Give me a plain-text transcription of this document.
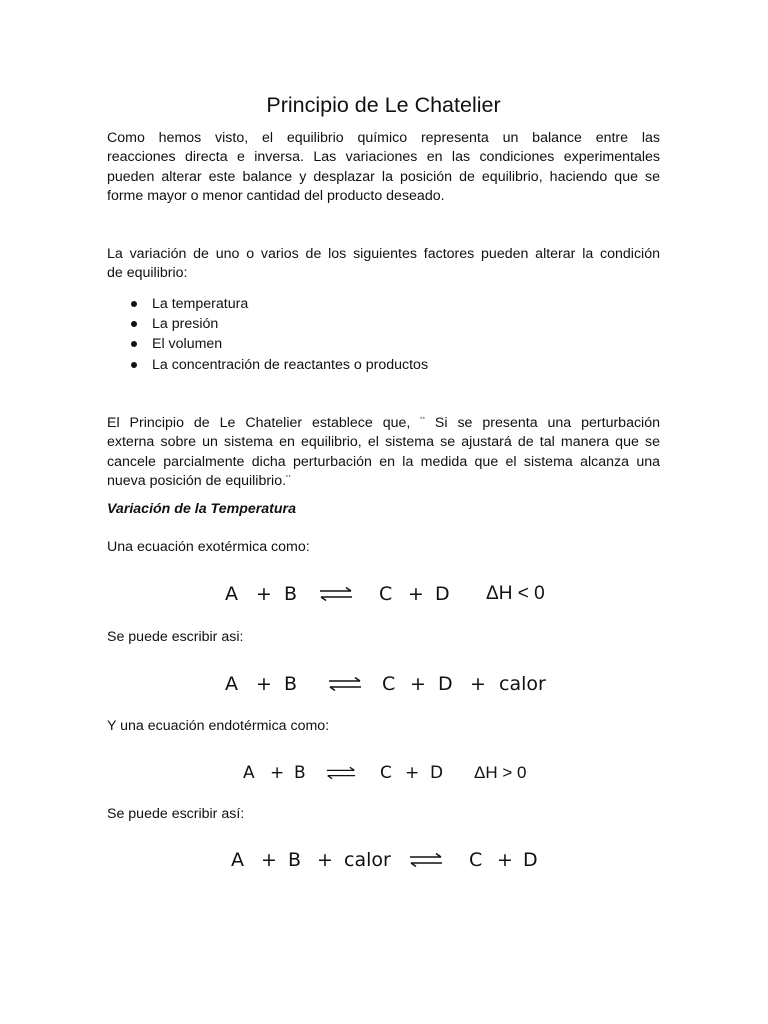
Principio de Le Chatelier

Como hemos visto, el equilibrio químico representa un balance entre las
reacciones directa e inversa. Las variaciones en las condiciones experimentales
pueden alterar este balance y desplazar la posición de equilibrio, haciendo que se
forme mayor o menor cantidad del producto deseado.

La variación de uno o varios de los siguientes factores pueden alterar la condición
de equilibrio:

La temperatura
La presión
El volumen
La concentración de reactantes o productos

El Principio de Le Chatelier establece que, ¨ Si se presenta una perturbación
externa sobre un sistema en equilibrio, el sistema se ajustará de tal manera que se
cancele parcialmente dicha perturbación en la medida que el sistema alcanza una
nueva posición de equilibrio.¨

Variación de la Temperatura
Una ecuación exotérmica como:
Se puede escribir asi:
Y una ecuación endotérmica como:
Se puede escribir así:
A + B ⇌ C + D ΔH < 0
A + B ⇌ C + D + calor
A + B ⇌ C + D ΔH > 0
A + B + calor ⇌ C + D
